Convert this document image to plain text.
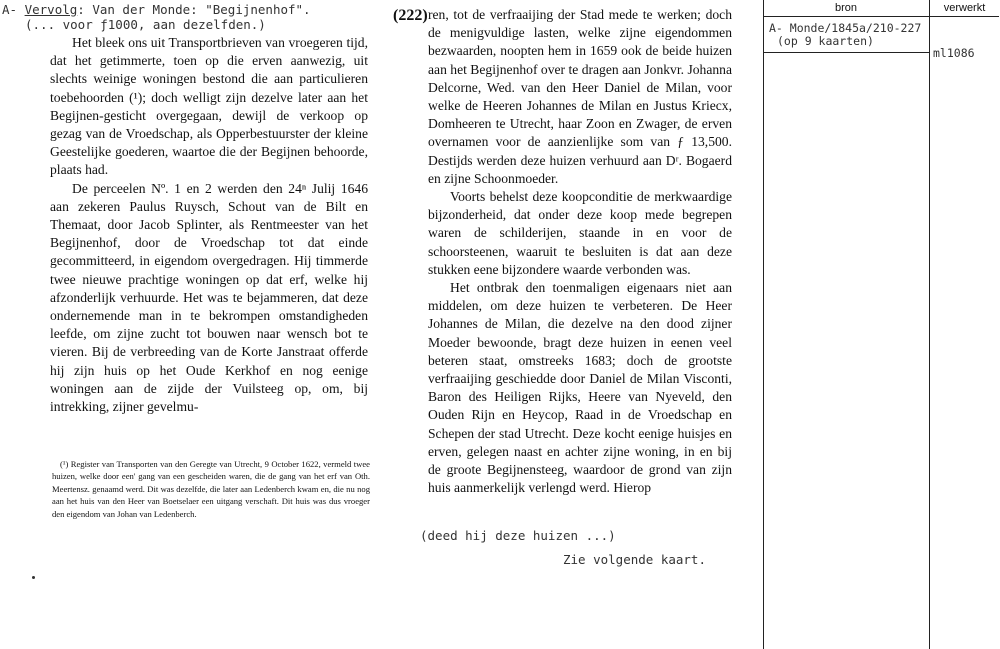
A- Vervolg: Van der Monde: "Begijnenhof".
(... voor ƒ1000, aan dezelfden.)

Het bleek ons uit Transportbrieven van vroegeren tijd, dat het getimmerte, toen op die erven aanwezig, uit slechts weinige woningen bestond die aan particulieren toebehoorden (¹); doch welligt zijn dezelve later aan het Begijnen-gesticht overgegaan, dewijl de verkoop op gezag van de Vroedschap, als Opperbestuurster der kleine Geestelijke goederen, waartoe die der Begijnen behoorde, plaats had.

De perceelen Nº. 1 en 2 werden den 24ⁿ Julij 1646 aan zekeren Paulus Ruysch, Schout van de Bilt en Themaat, door Jacob Splinter, als Rentmeester van het Begijnenhof, door de Vroedschap tot dat einde gecommitteerd, in eigendom overgedragen. Hij timmerde twee nieuwe prachtige woningen op dat erf, welke hij afzonderlijk verhuurde. Het was te bejammeren, dat deze ondernemende man in te bekrompen omstandigheden leefde, om zijne zucht tot bouwen naar wensch bot te vieren. Bij de verbreeding van de Korte Janstraat offerde hij zijn huis op het Oude Kerkhof en nog eenige woningen aan de zijde der Vuilsteeg op, om, bij intrekking, zijner gevelmu-

(¹) Register van Transporten van den Geregte van Utrecht, 9 October 1622, vermeld twee huizen, welke door een' gang van een gescheiden waren, die de gang van het erf van Oth. Meertensz. genaamd werd. Dit was dezelfde, die later aan Ledenberch kwam en, die nu nog aan het huis van den Heer van Boetselaer een uitgang verschaft. Dit huis was dus vroeger den eigendom van Johan van Ledenberch.

(222) ren, tot de verfraaijing der Stad mede te werken; doch de menigvuldige lasten, welke zijne eigendommen bezwaarden, noopten hem in 1659 ook de beide huizen aan het Begijnenhof over te dragen aan Jonkvr. Johanna Delcorne, Wed. van den Heer Daniel de Milan, voor welke de Heeren Johannes de Milan en Justus Kriecx, Domheeren te Utrecht, haar Zoon en Zwager, de erven overnamen voor de aanzienlijke som van ƒ 13,500. Destijds werden deze huizen verhuurd aan Dʳ. Bogaerd en zijne Schoonmoeder.

Voorts behelst deze koopconditie de merkwaardige bijzonderheid, dat onder deze koop mede begrepen waren de schilderijen, staande in en voor de schoorsteenen, waaruit te besluiten is dat aan deze stukken eene bijzondere waarde verbonden was.

Het ontbrak den toenmaligen eigenaars niet aan middelen, om deze huizen te verbeteren. De Heer Johannes de Milan, die dezelve na den dood zijner Moeder bewoonde, bragt deze huizen in eenen veel beteren staat, omstreeks 1683; doch de grootste verfraaijing geschiedde door Daniel de Milan Visconti, Baron des Heiligen Rijks, Heere van Nyeveld, den Ouden Rijn en Heycop, Raad in de Vroedschap en Schepen der stad Utrecht. Deze kocht eenige huisjes en erven, gelegen naast en achter zijne woning, in en bij de groote Begijnensteeg, waardoor de grond van zijn huis aanmerkelijk verlengd werd. Hierop

(deed hij deze huizen ...)
Zie volgende kaart.
bron	verwerkt
A- Monde/1845a/210-227
(op 9 kaarten)
ml1086
